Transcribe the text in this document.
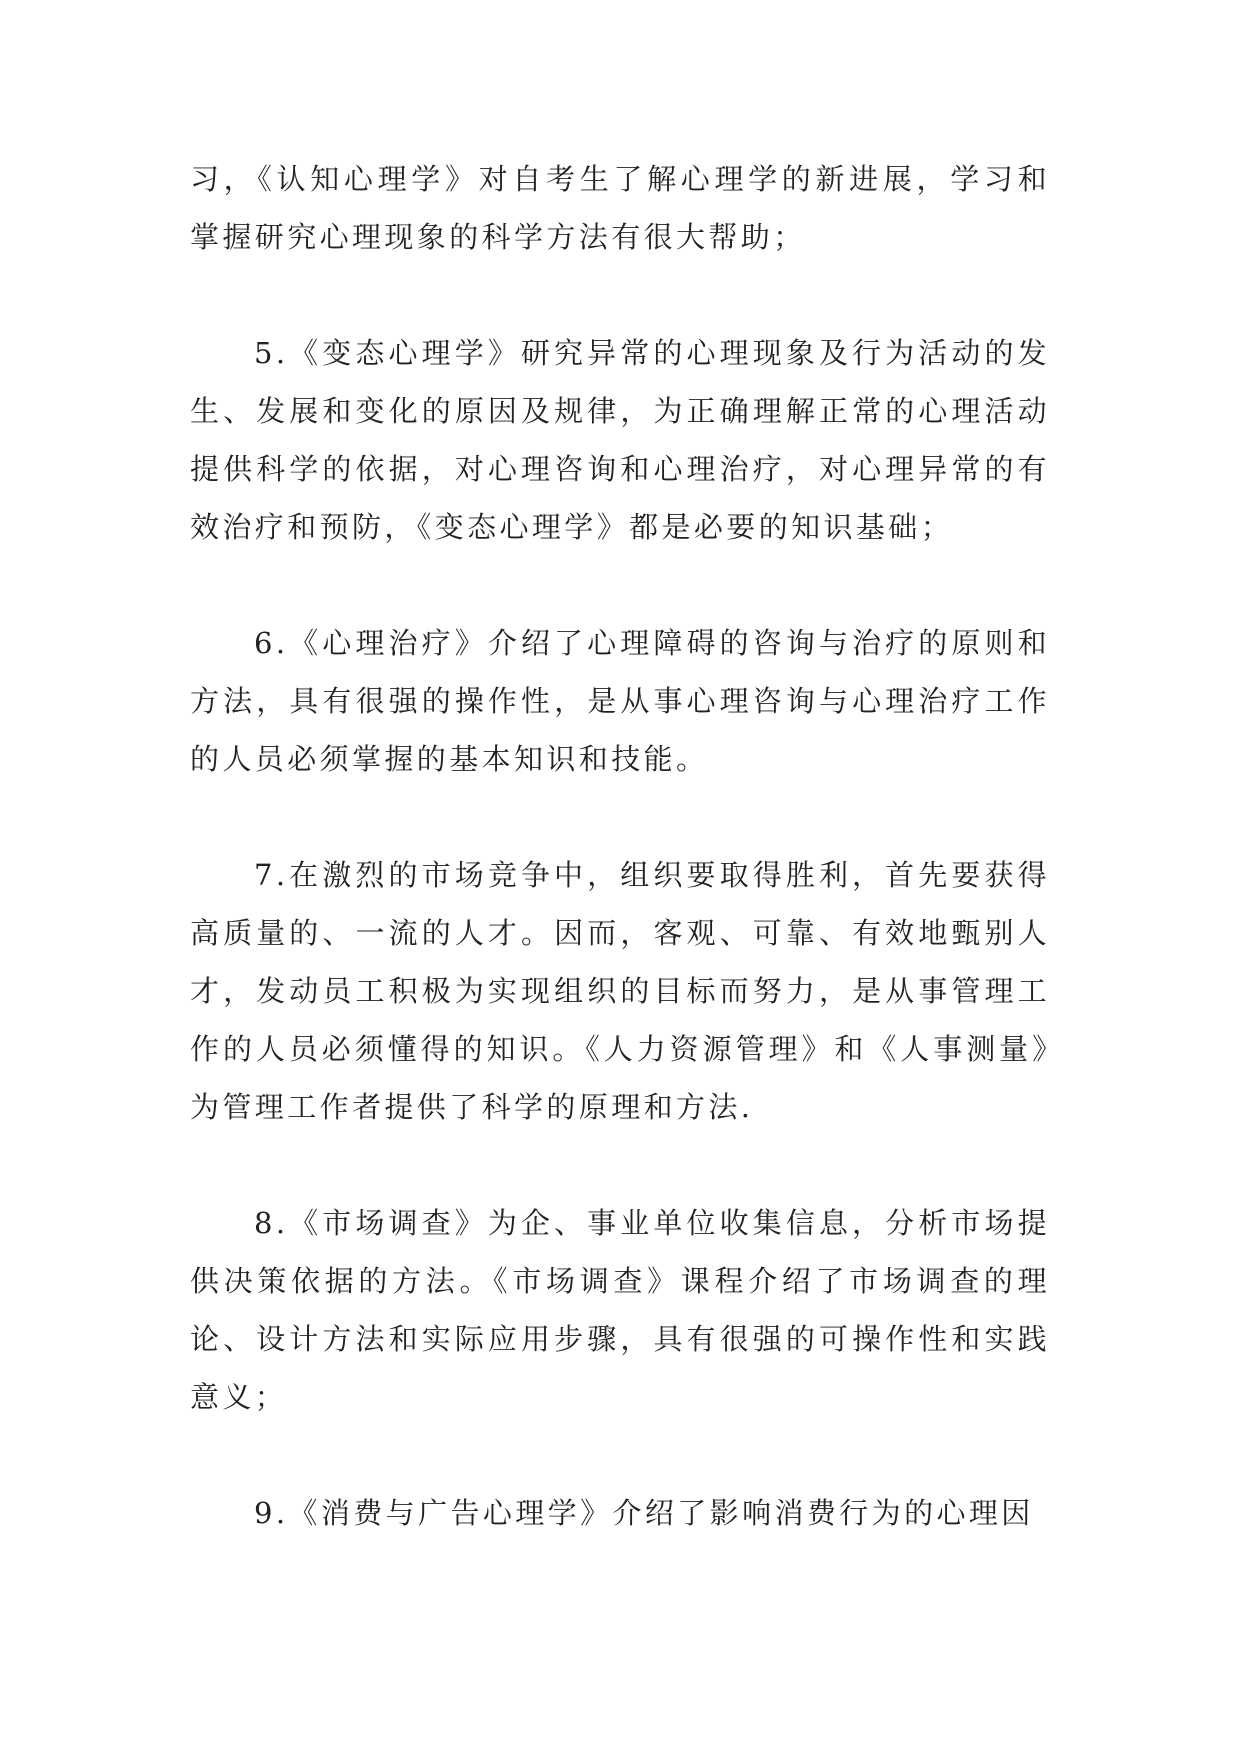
习，《认知心理学》对自考生了解心理学的新进展，学习和掌握研究心理现象的科学方法有很大帮助；

5.《变态心理学》研究异常的心理现象及行为活动的发生、发展和变化的原因及规律，为正确理解正常的心理活动提供科学的依据，对心理咨询和心理治疗，对心理异常的有效治疗和预防，《变态心理学》都是必要的知识基础；

6.《心理治疗》介绍了心理障碍的咨询与治疗的原则和方法，具有很强的操作性，是从事心理咨询与心理治疗工作的人员必须掌握的基本知识和技能。

7.在激烈的市场竞争中，组织要取得胜利，首先要获得高质量的、一流的人才。因而，客观、可靠、有效地甄别人才，发动员工积极为实现组织的目标而努力，是从事管理工作的人员必须懂得的知识。《人力资源管理》和《人事测量》为管理工作者提供了科学的原理和方法.

8.《市场调查》为企、事业单位收集信息，分析市场提供决策依据的方法。《市场调查》课程介绍了市场调查的理论、设计方法和实际应用步骤，具有很强的可操作性和实践意义；

9.《消费与广告心理学》介绍了影响消费行为的心理因
